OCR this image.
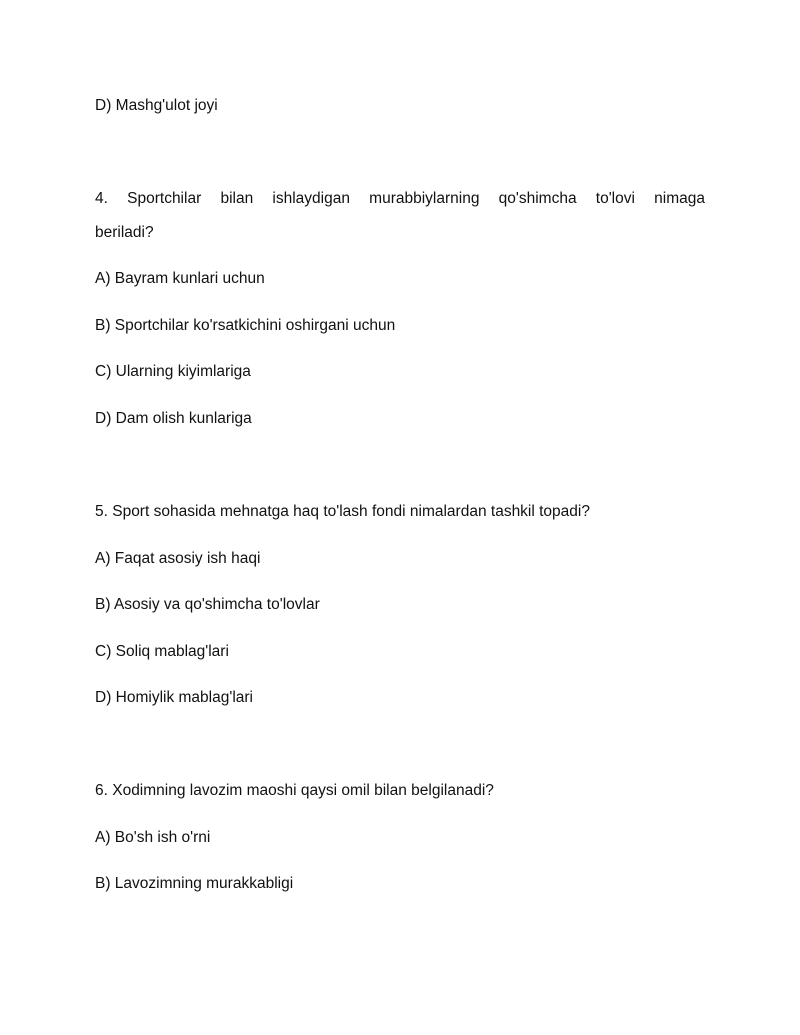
D) Mashg'ulot joyi
4. Sportchilar bilan ishlaydigan murabbiylarning qo'shimcha to'lovi nimaga
beriladi?
A) Bayram kunlari uchun
B) Sportchilar ko'rsatkichini oshirgani uchun
C) Ularning kiyimlariga
D) Dam olish kunlariga
5. Sport sohasida mehnatga haq to'lash fondi nimalardan tashkil topadi?
A) Faqat asosiy ish haqi
B) Asosiy va qo'shimcha to'lovlar
C) Soliq mablag'lari
D) Homiylik mablag'lari
6. Xodimning lavozim maoshi qaysi omil bilan belgilanadi?
A) Bo'sh ish o'rni
B) Lavozimning murakkabligi
